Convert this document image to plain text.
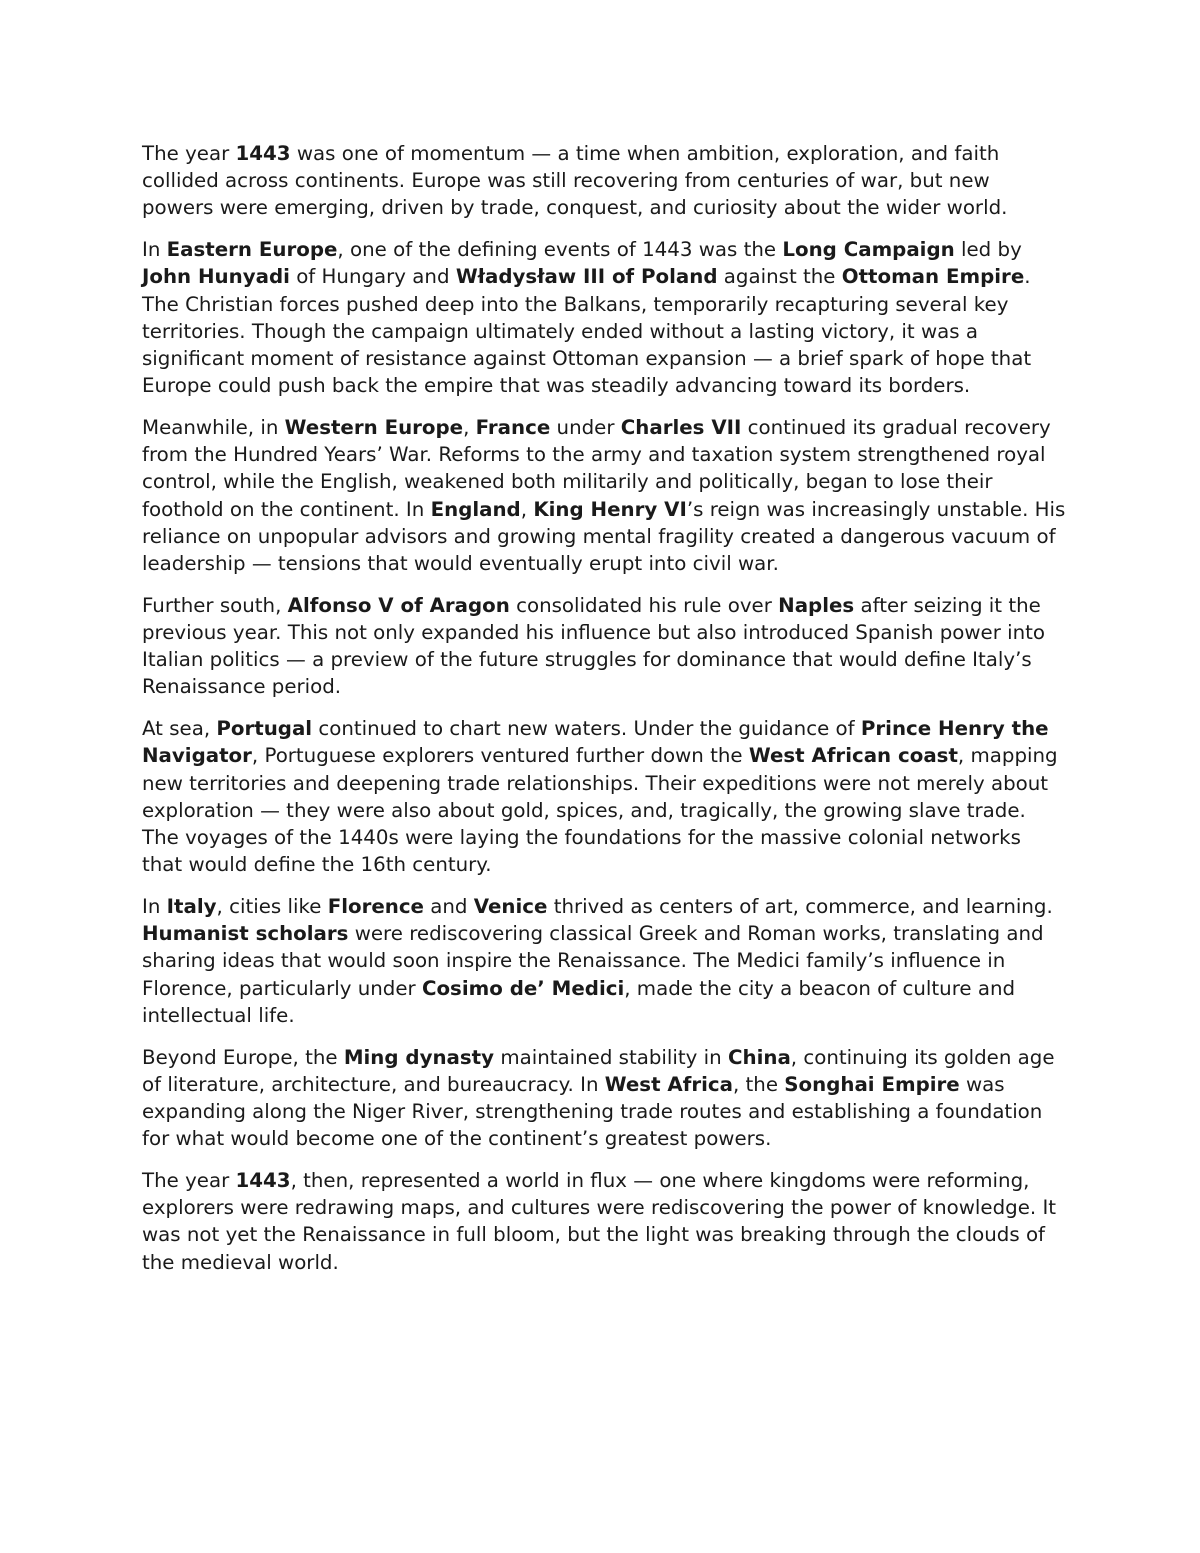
The year 1443 was one of momentum — a time when ambition, exploration, and faith collided across continents. Europe was still recovering from centuries of war, but new powers were emerging, driven by trade, conquest, and curiosity about the wider world.

In Eastern Europe, one of the defining events of 1443 was the Long Campaign led by John Hunyadi of Hungary and Władysław III of Poland against the Ottoman Empire. The Christian forces pushed deep into the Balkans, temporarily recapturing several key territories. Though the campaign ultimately ended without a lasting victory, it was a significant moment of resistance against Ottoman expansion — a brief spark of hope that Europe could push back the empire that was steadily advancing toward its borders.

Meanwhile, in Western Europe, France under Charles VII continued its gradual recovery from the Hundred Years’ War. Reforms to the army and taxation system strengthened royal control, while the English, weakened both militarily and politically, began to lose their foothold on the continent. In England, King Henry VI’s reign was increasingly unstable. His reliance on unpopular advisors and growing mental fragility created a dangerous vacuum of leadership — tensions that would eventually erupt into civil war.

Further south, Alfonso V of Aragon consolidated his rule over Naples after seizing it the previous year. This not only expanded his influence but also introduced Spanish power into Italian politics — a preview of the future struggles for dominance that would define Italy’s Renaissance period.

At sea, Portugal continued to chart new waters. Under the guidance of Prince Henry the Navigator, Portuguese explorers ventured further down the West African coast, mapping new territories and deepening trade relationships. Their expeditions were not merely about exploration — they were also about gold, spices, and, tragically, the growing slave trade. The voyages of the 1440s were laying the foundations for the massive colonial networks that would define the 16th century.

In Italy, cities like Florence and Venice thrived as centers of art, commerce, and learning. Humanist scholars were rediscovering classical Greek and Roman works, translating and sharing ideas that would soon inspire the Renaissance. The Medici family’s influence in Florence, particularly under Cosimo de’ Medici, made the city a beacon of culture and intellectual life.

Beyond Europe, the Ming dynasty maintained stability in China, continuing its golden age of literature, architecture, and bureaucracy. In West Africa, the Songhai Empire was expanding along the Niger River, strengthening trade routes and establishing a foundation for what would become one of the continent’s greatest powers.

The year 1443, then, represented a world in flux — one where kingdoms were reforming, explorers were redrawing maps, and cultures were rediscovering the power of knowledge. It was not yet the Renaissance in full bloom, but the light was breaking through the clouds of the medieval world.
